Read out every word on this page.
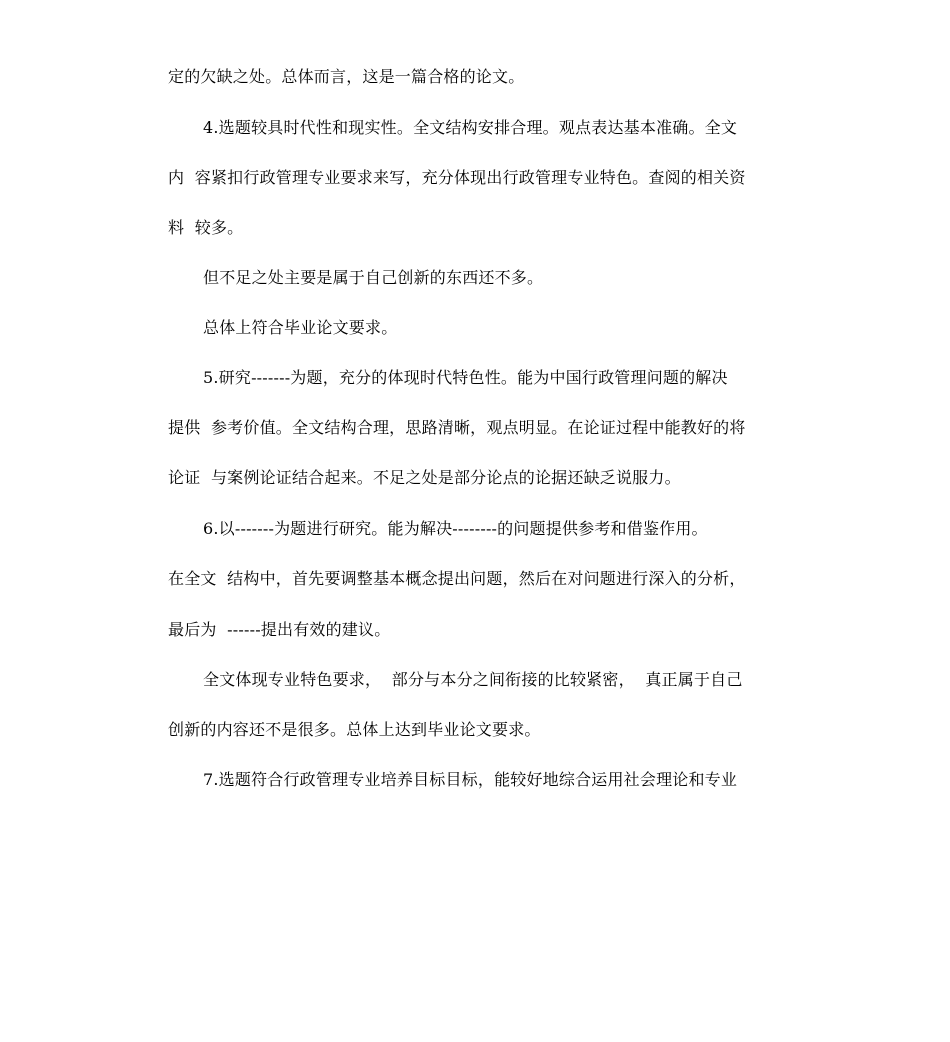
定的欠缺之处。总体而言，这是一篇合格的论文。
4.选题较具时代性和现实性。全文结构安排合理。观点表达基本准确。全文
内  容紧扣行政管理专业要求来写，充分体现出行政管理专业特色。查阅的相关资
料  较多。
但不足之处主要是属于自己创新的东西还不多。
总体上符合毕业论文要求。
5.研究-------为题，充分的体现时代特色性。能为中国行政管理问题的解决
提供  参考价值。全文结构合理，思路清晰，观点明显。在论证过程中能教好的将
论证  与案例论证结合起来。不足之处是部分论点的论据还缺乏说服力。
6.以-------为题进行研究。能为解决--------的问题提供参考和借鉴作用。
在全文  结构中，首先要调整基本概念提出问题，然后在对问题进行深入的分析，
最后为  ------提出有效的建议。
全文体现专业特色要求，  部分与本分之间衔接的比较紧密，  真正属于自己
创新的内容还不是很多。总体上达到毕业论文要求。
7.选题符合行政管理专业培养目标目标，能较好地综合运用社会理论和专业
